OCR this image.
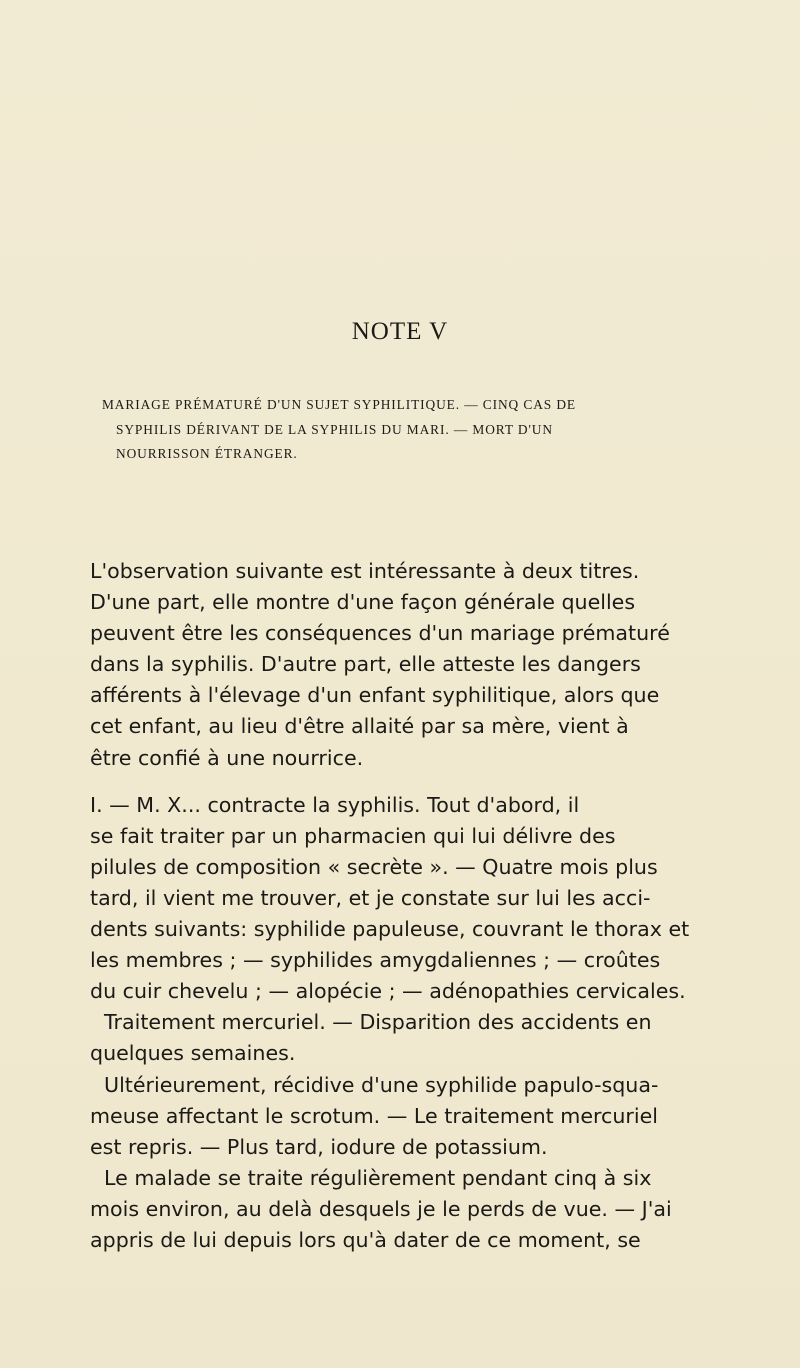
NOTE V
MARIAGE PRÉMATURÉ D'UN SUJET SYPHILITIQUE. — CINQ CAS DE
SYPHILIS DÉRIVANT DE LA SYPHILIS DU MARI. — MORT D'UN
NOURRISSON ÉTRANGER.
L'observation suivante est intéressante à deux titres.
D'une part, elle montre d'une façon générale quelles
peuvent être les conséquences d'un mariage prématuré
dans la syphilis. D'autre part, elle atteste les dangers
afférents à l'élevage d'un enfant syphilitique, alors que
cet enfant, au lieu d'être allaité par sa mère, vient à
être confié à une nourrice.
I. — M. X... contracte la syphilis. Tout d'abord, il
se fait traiter par un pharmacien qui lui délivre des
pilules de composition « secrète ». — Quatre mois plus
tard, il vient me trouver, et je constate sur lui les acci-
dents suivants: syphilide papuleuse, couvrant le thorax et
les membres ; — syphilides amygdaliennes ; — croûtes
du cuir chevelu ; — alopécie ; — adénopathies cervicales.
Traitement mercuriel. — Disparition des accidents en
quelques semaines.
Ultérieurement, récidive d'une syphilide papulo-squa-
meuse affectant le scrotum. — Le traitement mercuriel
est repris. — Plus tard, iodure de potassium.
Le malade se traite régulièrement pendant cinq à six
mois environ, au delà desquels je le perds de vue. — J'ai
appris de lui depuis lors qu'à dater de ce moment, se
